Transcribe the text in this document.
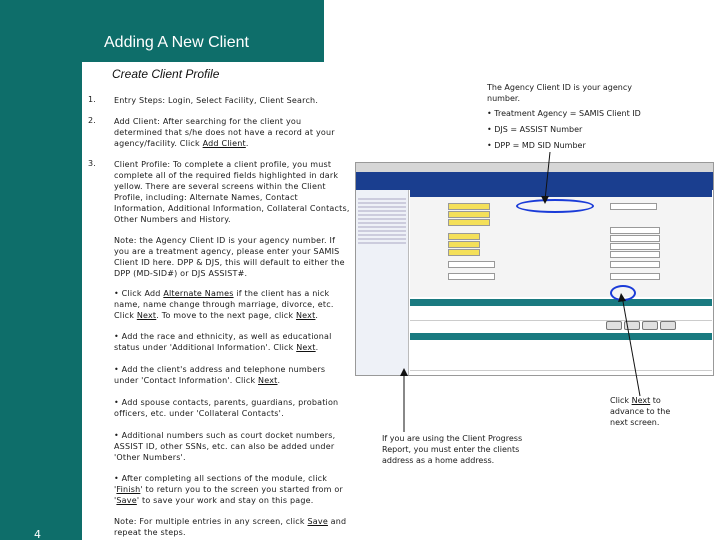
Adding A New Client
4
Create Client Profile
1. Entry Steps: Login, Select Facility, Client Search.
2. Add Client: After searching for the client you determined that s/he does not have a record at your agency/facility. Click Add Client.
3. Client Profile: To complete a client profile, you must complete all of the required fields highlighted in dark yellow. There are several screens within the Client Profile, including: Alternate Names, Contact Information, Additional Information, Collateral Contacts, Other Numbers and History.
Note: the Agency Client ID is your agency number. If you are a treatment agency, please enter your SAMIS Client ID here. DPP & DJS, this will default to either the DPP (MD-SID#) or DJS ASSIST#.
• Click Add Alternate Names if the client has a nick name, name change through marriage, divorce, etc. Click Next. To move to the next page, click Next.
• Add the race and ethnicity, as well as educational status under 'Additional Information'. Click Next.
• Add the client's address and telephone numbers under 'Contact Information'. Click Next.
• Add spouse contacts, parents, guardians, probation officers, etc. under 'Collateral Contacts'.
• Additional numbers such as court docket numbers, ASSIST ID, other SSNs, etc. can also be added under 'Other Numbers'.
• After completing all sections of the module, click 'Finish' to return you to the screen you started from or 'Save' to save your work and stay on this page.
Note: For multiple entries in any screen, click Save and repeat the steps.
The Agency Client ID is your agency number.
• Treatment Agency = SAMIS Client ID
• DJS = ASSIST Number
• DPP = MD SID Number
Click Next to advance to the next screen.
If you are using the Client Progress Report, you must enter the clients address as a home address.
